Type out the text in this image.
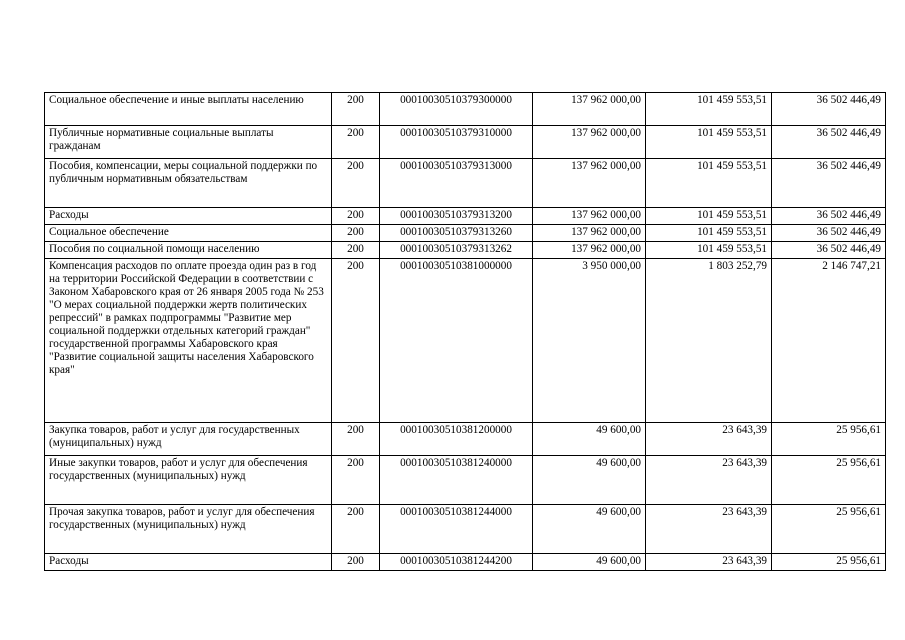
Социальное обеспечение и иные выплаты населению	200	00010030510379300000	137 962 000,00	101 459 553,51	36 502 446,49
Публичные нормативные социальные выплаты гражданам	200	00010030510379310000	137 962 000,00	101 459 553,51	36 502 446,49
Пособия, компенсации, меры социальной поддержки по публичным нормативным обязательствам	200	00010030510379313000	137 962 000,00	101 459 553,51	36 502 446,49
Расходы	200	00010030510379313200	137 962 000,00	101 459 553,51	36 502 446,49
Социальное обеспечение	200	00010030510379313260	137 962 000,00	101 459 553,51	36 502 446,49
Пособия по социальной помощи населению	200	00010030510379313262	137 962 000,00	101 459 553,51	36 502 446,49
Компенсация расходов по оплате проезда один раз в год на территории Российской Федерации в соответствии с Законом Хабаровского края от 26 января 2005 года № 253 "О мерах социальной поддержки жертв политических репрессий" в рамках подпрограммы "Развитие мер социальной поддержки отдельных категорий граждан" государственной программы Хабаровского края "Развитие социальной защиты населения Хабаровского края"	200	00010030510381000000	3 950 000,00	1 803 252,79	2 146 747,21
Закупка товаров, работ и услуг для государственных (муниципальных) нужд	200	00010030510381200000	49 600,00	23 643,39	25 956,61
Иные закупки товаров, работ и услуг для обеспечения государственных (муниципальных) нужд	200	00010030510381240000	49 600,00	23 643,39	25 956,61
Прочая закупка товаров, работ и услуг для обеспечения государственных (муниципальных) нужд	200	00010030510381244000	49 600,00	23 643,39	25 956,61
Расходы	200	00010030510381244200	49 600,00	23 643,39	25 956,61
